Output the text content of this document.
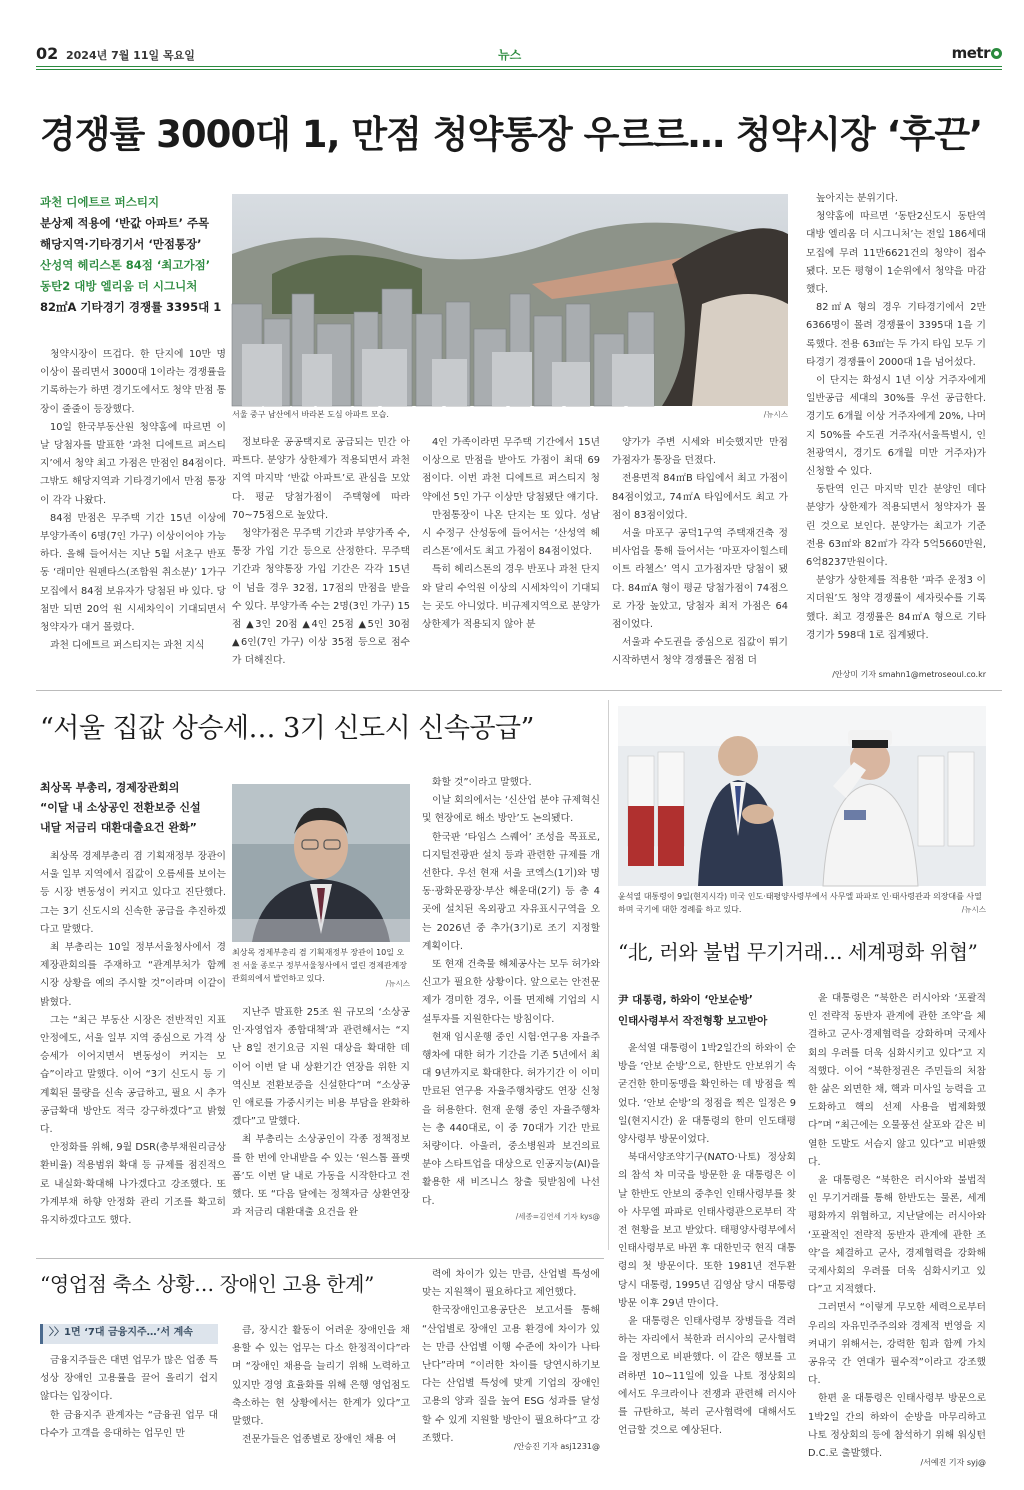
02 2024년 7월 11일 목요일	뉴스	metr
경쟁률 3000대 1, 만점 청약통장 우르르… 청약시장 ‘후끈’
과천 디에트르 퍼스티지
분상제 적용에 ‘반값 아파트’ 주목
해당지역·기타경기서 ‘만점통장’
산성역 헤리스톤 84점 ‘최고가점’
동탄2 대방 엘리움 더 시그니처
82㎡A 기타경기 경쟁률 3395대 1
서울 중구 남산에서 바라본 도심 아파트 모습.	/뉴시스

청약시장이 뜨겁다. 한 단지에 10만 명 이상이 몰리면서 3000대 1이라는 경쟁률을 기록하는가 하면 경기도에서도 청약 만점 통장이 줄줄이 등장했다.

10일 한국부동산원 청약홈에 따르면 이날 당첨자를 발표한 ‘과천 디에트르 퍼스티지’에서 청약 최고 가점은 만점인 84점이다. 그밖도 해당지역과 기타경기에서 만점 통장이 각각 나왔다.

84점 만점은 무주택 기간 15년 이상에 부양가족이 6명(7인 가구) 이상이어야 가능하다. 올해 들어서는 지난 5월 서초구 반포동 ‘래미안 원펜타스(조합원 취소분)’ 1가구 모집에서 84점 보유자가 당첨된 바 있다. 당첨만 되면 20억 원 시세차익이 기대되면서 청약자가 대거 몰렸다.

과천 디에트르 퍼스티지는 과천 지식

정보타운 공공택지로 공급되는 민간 아파트다. 분양가 상한제가 적용되면서 과천 지역 마지막 ‘반값 아파트’로 관심을 모았다. 평균 당첨가점이 주택형에 따라 70~75점으로 높았다.

청약가점은 무주택 기간과 부양가족 수, 통장 가입 기간 등으로 산정한다. 무주택 기간과 청약통장 가입 기간은 각각 15년이 넘을 경우 32점, 17점의 만점을 받을 수 있다. 부양가족 수는 2명(3인 가구) 15점 ▲3인 20점 ▲4인 25점 ▲5인 30점 ▲6인(7인 가구) 이상 35점 등으로 점수가 더해진다.

4인 가족이라면 무주택 기간에서 15년 이상으로 만점을 받아도 가점이 최대 69점이다. 이번 과천 디에트르 퍼스티지 청약에선 5인 가구 이상만 당첨됐단 얘기다.

만점통장이 나온 단지는 또 있다. 성남시 수정구 산성동에 들어서는 ‘산성역 헤리스톤’에서도 최고 가점이 84점이었다.

특히 헤리스톤의 경우 반포나 과천 단지와 달리 수억원 이상의 시세차익이 기대되는 곳도 아니었다. 비규제지역으로 분양가 상한제가 적용되지 않아 분

양가가 주변 시세와 비슷했지만 만점 가점자가 통장을 던졌다.

전용면적 84㎡B 타입에서 최고 가점이 84점이었고, 74㎡A 타입에서도 최고 가점이 83점이었다.

서울 마포구 공덕1구역 주택재건축 정비사업을 통해 들어서는 ‘마포자이힐스테이트 라첼스’ 역시 고가점자만 당첨이 됐다. 84㎡A 형이 평균 당첨가점이 74점으로 가장 높았고, 당첨자 최저 가점은 64점이었다.

서울과 수도권을 중심으로 집값이 뛰기 시작하면서 청약 경쟁률은 점점 더

높아지는 분위기다.

청약홈에 따르면 ‘동탄2신도시 동탄역 대방 엘리움 더 시그니처’는 전일 186세대 모집에 무려 11만6621건의 청약이 접수됐다. 모든 평형이 1순위에서 청약을 마감했다.

82㎡A 형의 경우 기타경기에서 2만6366명이 몰려 경쟁률이 3395대 1을 기록했다. 전용 63㎡는 두 가지 타입 모두 기타경기 경쟁률이 2000대 1을 넘어섰다.

이 단지는 화성시 1년 이상 거주자에게 일반공급 세대의 30%를 우선 공급한다. 경기도 6개월 이상 거주자에게 20%, 나머지 50%를 수도권 거주자(서울특별시, 인천광역시, 경기도 6개월 미만 거주자)가 신청할 수 있다.

동탄역 인근 마지막 민간 분양인 데다 분양가 상한제가 적용되면서 청약자가 몰린 것으로 보인다. 분양가는 최고가 기준 전용 63㎡와 82㎡가 각각 5억5660만원, 6억8237만원이다.

분양가 상한제를 적용한 ‘파주 운정3 이지더원’도 청약 경쟁률이 세자릿수를 기록했다. 최고 경쟁률은 84㎡A 형으로 기타경기가 598대 1로 집계됐다.

/안상미 기자 smahn1@metroseoul.co.kr
“서울 집값 상승세… 3기 신도시 신속공급”
최상목 부총리, 경제장관회의
“이달 내 소상공인 전환보증 신설
내달 저금리 대환대출요건 완화”
최상목 경제부총리 겸 기획재정부 장관이 10일 오전 서울 종로구 정부서울청사에서 열린 경제관계장관회의에서 발언하고 있다.
/뉴시스

최상목 경제부총리 겸 기획재정부 장관이 서울 일부 지역에서 집값이 오름세를 보이는 등 시장 변동성이 커지고 있다고 진단했다. 그는 3기 신도시의 신속한 공급을 추진하겠다고 말했다.

최 부총리는 10일 정부서울청사에서 경제장관회의를 주재하고 “관계부처가 함께 시장 상황을 예의 주시할 것”이라며 이같이 밝혔다.

그는 “최근 부동산 시장은 전반적인 지표 안정에도, 서울 일부 지역 중심으로 가격 상승세가 이어지면서 변동성이 커지는 모습”이라고 말했다. 이어 “3기 신도시 등 기계획된 물량을 신속 공급하고, 필요 시 추가 공급확대 방안도 적극 강구하겠다”고 밝혔다.

안정화를 위해, 9월 DSR(총부채원리금상환비율) 적용범위 확대 등 규제를 점진적으로 내실화·확대해 나가겠다고 강조했다. 또 가계부채 하향 안정화 관리 기조를 확고히 유지하겠다고도 했다.

지난주 발표한 25조 원 규모의 ‘소상공인·자영업자 종합대책’과 관련해서는 “지난 8일 전기요금 지원 대상을 확대한 데 이어 이번 달 내 상환기간 연장을 위한 지역신보 전환보증을 신설한다”며 “소상공인 애로를 가중시키는 비용 부담을 완화하겠다”고 말했다.

최 부총리는 소상공인이 각종 정책정보를 한 번에 안내받을 수 있는 ‘원스톱 플랫폼’도 이번 달 내로 가동을 시작한다고 전했다. 또 “다음 달에는 정책자금 상환연장과 저금리 대환대출 요건을 완

화할 것”이라고 말했다.

이날 회의에서는 ‘신산업 분야 규제혁신 및 현장에로 해소 방안’도 논의됐다.

한국판 ‘타임스 스퀘어’ 조성을 목표로, 디지털전광판 설치 등과 관련한 규제를 개선한다. 우선 현재 서울 코엑스(1기)와 명동·광화문광장·부산 해운대(2기) 등 총 4곳에 설치된 옥외광고 자유표시구역을 오는 2026년 중 추가(3기)로 조기 지정할 계획이다.

또 현재 건축물 해체공사는 모두 허가와 신고가 필요한 상황이다. 앞으로는 안전문제가 경미한 경우, 이를 면제해 기업의 시설투자를 지원한다는 방침이다.

현재 임시운행 중인 시험·연구용 자율주행차에 대한 허가 기간을 기존 5년에서 최대 9년까지로 확대한다. 허가기간 이 이미 만료된 연구용 자율주행차량도 연장 신청을 허용한다. 현재 운행 중인 자율주행차는 총 440대로, 이 중 70대가 기간 만료 처량이다. 아울러, 중소병원과 보건의료 분야 스타트업을 대상으로 인공지능(AI)을 활용한 새 비즈니스 창출 뒷받침에 나선다.

/세종=김연세 기자 kys@
윤석열 대통령이 9일(현지시각) 미국 인도·태평양사령부에서 사무엘 파파로 인·태사령관과 의장대를 사열하며 국기에 대한 경례를 하고 있다.	/뉴시스
“北, 러와 불법 무기거래… 세계평화 위협”
尹 대통령, 하와이 ‘안보순방’
인태사령부서 작전형황 보고받아

윤석열 대통령이 1박2일간의 하와이 순방을 ‘안보 순방’으로, 한반도 안보위기 속 굳건한 한미동맹을 확인하는 데 방점을 찍었다. ‘안보 순방’의 정점을 찍은 일정은 9일(현지시간) 윤 대통령의 한미 인도태평양사령부 방문이었다.

북대서양조약기구(NATO·나토) 정상회의 참석 차 미국을 방문한 윤 대통령은 이날 한반도 안보의 중추인 인태사령부를 찾아 사무엘 파파로 인태사령관으로부터 작전 현황을 보고 받았다. 태평양사령부에서 인태사령부로 바뀐 후 대한민국 현직 대통령의 첫 방문이다. 또한 1981년 전두환 당시 대통령, 1995년 김영삼 당시 대통령 방문 이후 29년 만이다.

윤 대통령은 인태사령부 장병들을 격려하는 자리에서 북한과 러시아의 군사협력을 정면으로 비판했다. 이 같은 행보를 고려하면 10~11일에 있을 나토 정상회의에서도 우크라이나 전쟁과 관련해 러시아를 규탄하고, 북러 군사협력에 대해서도 언급할 것으로 예상된다.

윤 대통령은 “북한은 러시아와 ‘포괄적인 전략적 동반자 관계에 관한 조약’을 체결하고 군사·경제협력을 강화하며 국제사회의 우려를 더욱 심화시키고 있다”고 지적했다. 이어 “북한정권은 주민들의 처참한 삶은 외면한 채, 핵과 미사일 능력을 고도화하고 핵의 선제 사용을 법제화했다”며 “최근에는 오물풍선 살포와 같은 비열한 도발도 서슴지 않고 있다”고 비판했다.

윤 대통령은 “북한은 러시아와 불법적인 무기거래를 통해 한반도는 물론, 세계 평화까지 위협하고, 지난달에는 러시아와 ‘포괄적인 전략적 동반자 관계에 관한 조약’을 체결하고 군사, 경제협력을 강화해 국제사회의 우려를 더욱 심화시키고 있다”고 지적했다.

그러면서 “이렇게 무모한 세력으로부터 우리의 자유민주주의와 경제적 번영을 지켜내기 위해서는, 강력한 힘과 함께 가치공유국 간 연대가 필수적”이라고 강조했다.

한편 윤 대통령은 인태사령부 방문으로 1박2일 간의 하와이 순방을 마무리하고 나토 정상회의 등에 참석하기 위해 워싱턴D.C.로 출발했다.

/서예진 기자 syj@
“영업점 축소 상황… 장애인 고용 한계”
〉〉1면 ‘7대 금융지주…’서 계속

금융지주들은 대면 업무가 많은 업종 특성상 장애인 고용률을 끌어 올리기 쉽지 않다는 입장이다.

한 금융지주 관계자는 “금융권 업무 대다수가 고객을 응대하는 업무인 만

큼, 장시간 활동이 어려운 장애인을 채용할 수 있는 업무는 다소 한정적이다”라며 “장애인 채용을 늘리기 위해 노력하고 있지만 경영 효율화를 위해 은행 영업점도 축소하는 현 상황에서는 한계가 있다”고 말했다.

전문가들은 업종별로 장애인 채용 여

력에 차이가 있는 만큼, 산업별 특성에 맞는 지원책이 필요하다고 제언했다.

한국장애인고용공단은 보고서를 통해 “산업별로 장애인 고용 환경에 차이가 있는 만큼 산업별 이행 수준에 차이가 나타난다”라며 “이러한 차이를 당연시하기보다는 산업별 특성에 맞게 기업의 장애인 고용의 양과 질을 높여 ESG 성과를 달성할 수 있게 지원할 방안이 필요하다”고 강조했다.

/안승진 기자 asj1231@
